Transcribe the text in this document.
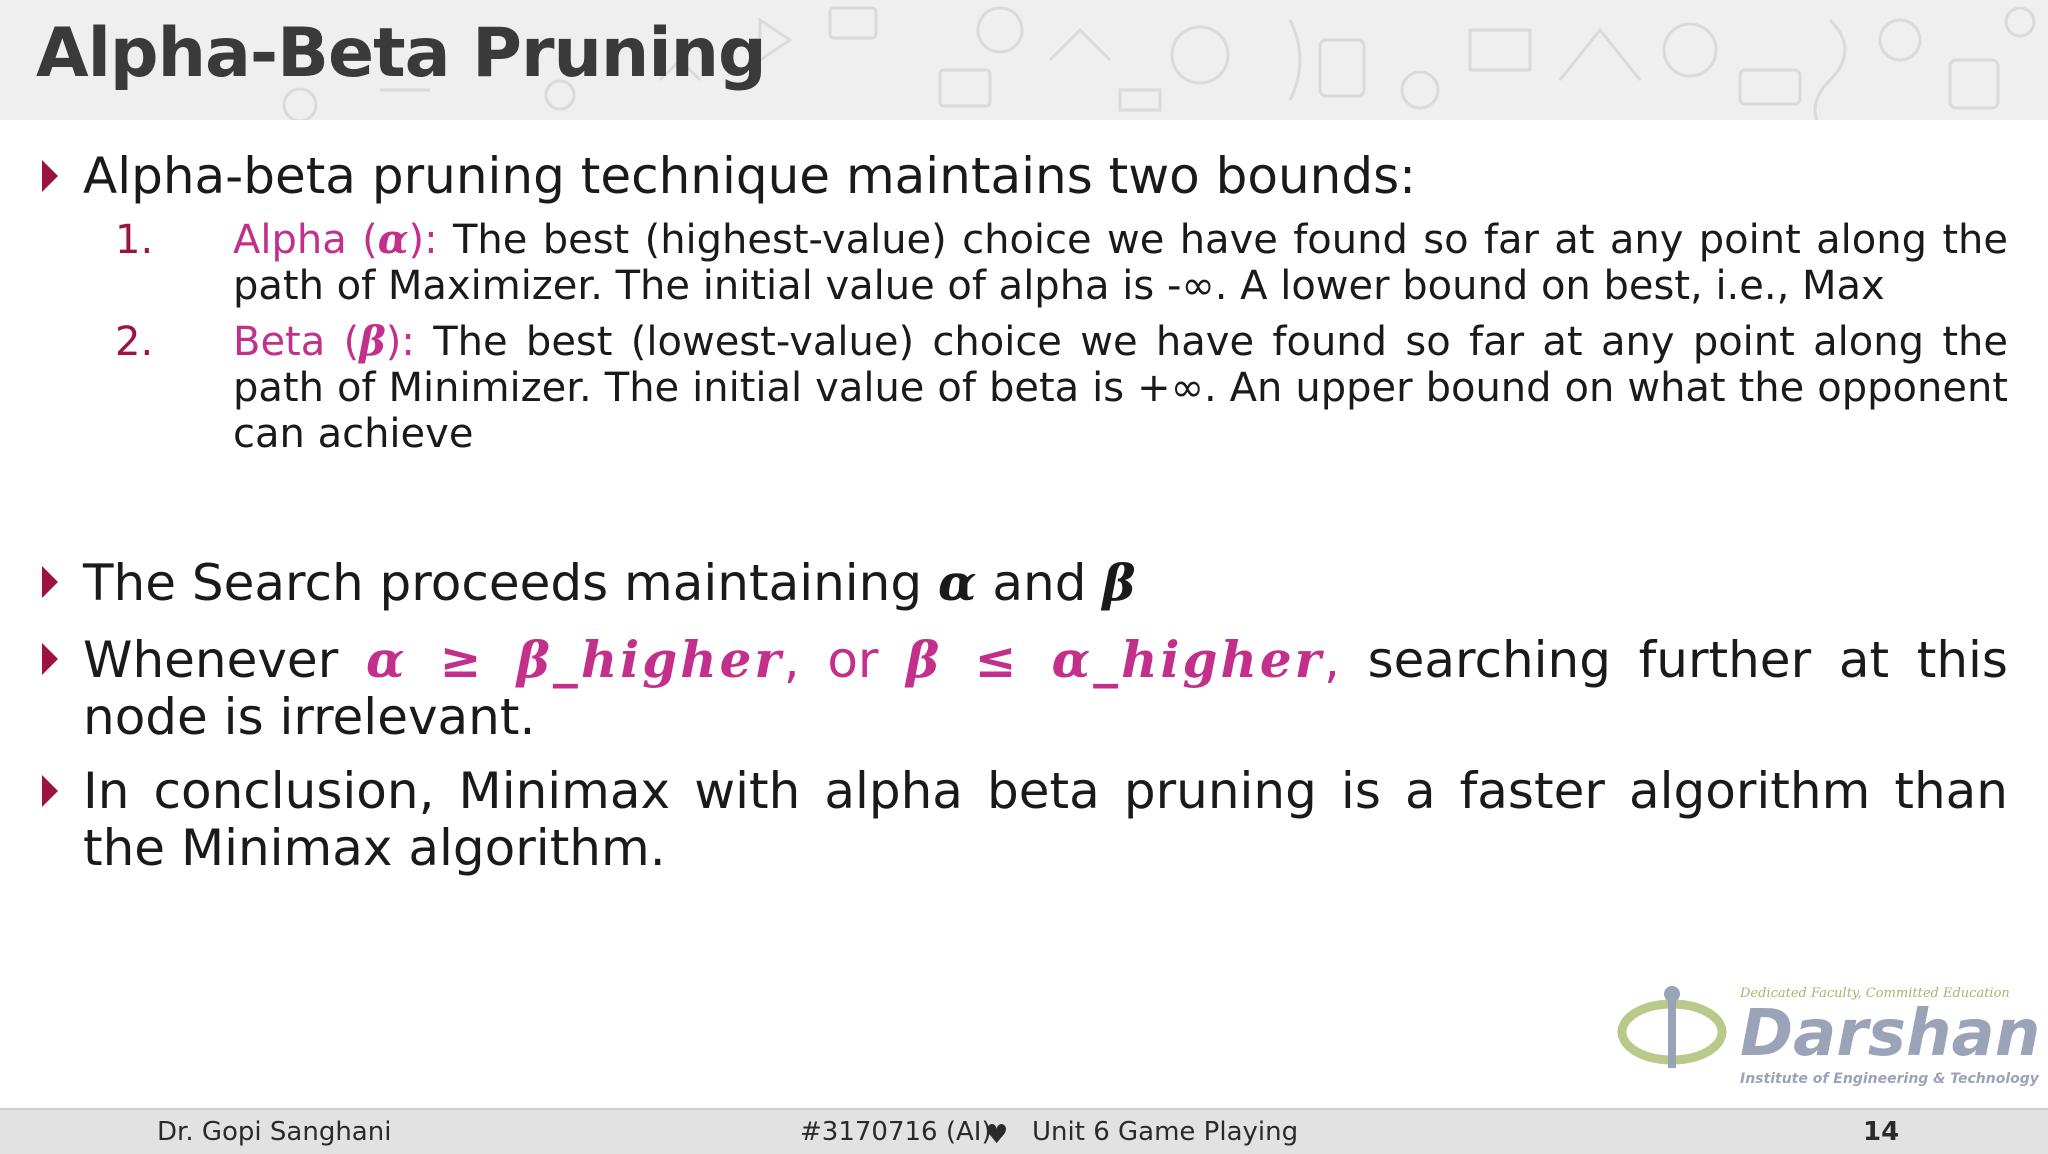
Alpha-Beta Pruning
Alpha-beta pruning technique maintains two bounds:
1. Alpha (α): The best (highest-value) choice we have found so far at any point along the path of Maximizer. The initial value of alpha is -∞. A lower bound on best, i.e., Max
2. Beta (β): The best (lowest-value) choice we have found so far at any point along the path of Minimizer. The initial value of beta is +∞. An upper bound on what the opponent can achieve
The Search proceeds maintaining α and β
Whenever α ≥ β_higher, or β ≤ α_higher, searching further at this node is irrelevant.
In conclusion, Minimax with alpha beta pruning is a faster algorithm than the Minimax algorithm.
Dedicated Faculty, Committed Education
Darshan
Institute of Engineering & Technology
Dr. Gopi Sanghani	#3170716 (AI)
♥ Unit 6 Game Playing	14
